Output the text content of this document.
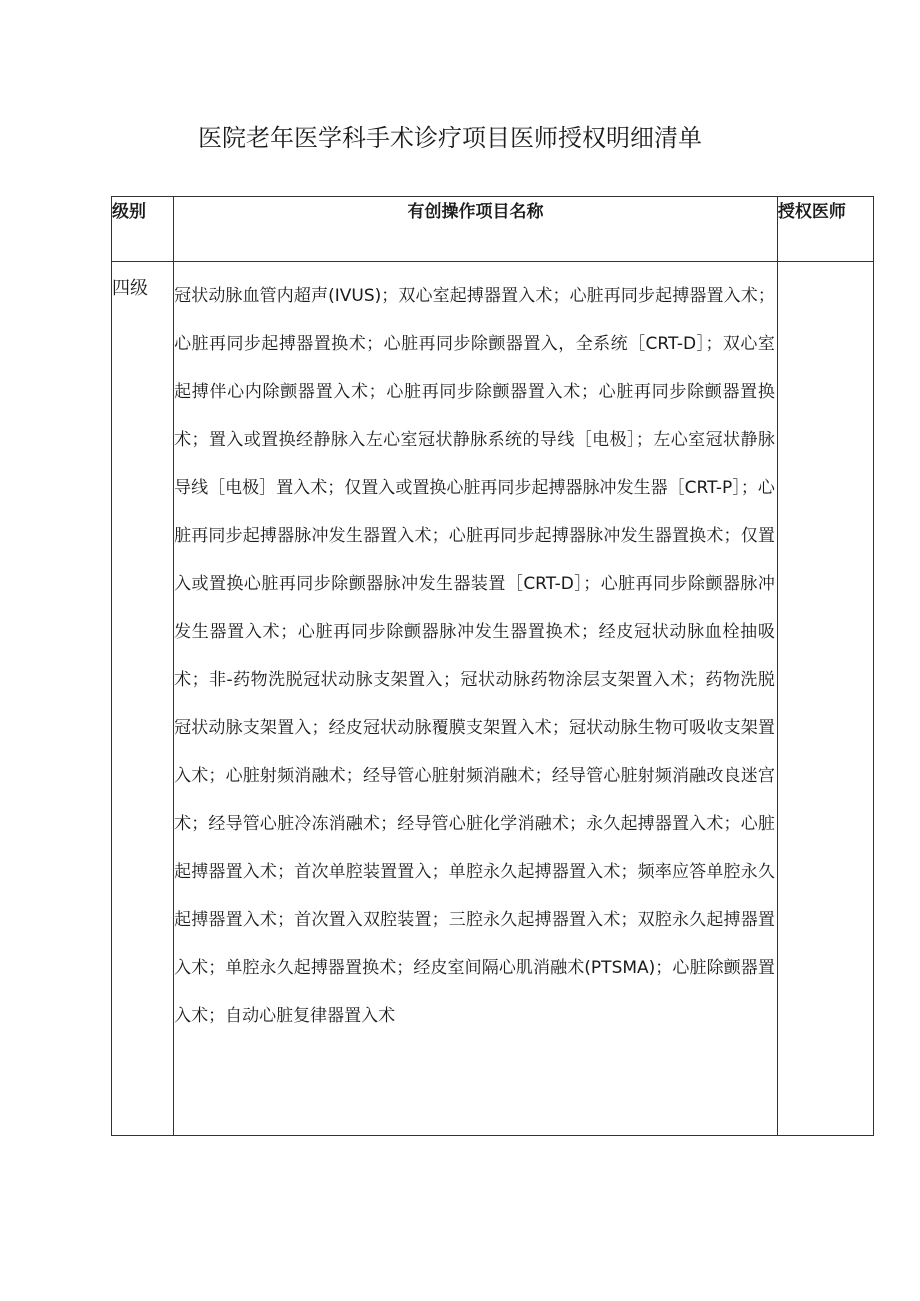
医院老年医学科手术诊疗项目医师授权明细清单
级别	有创操作项目名称	授权医师
四级	冠状动脉血管内超声(IVUS)；双心室起搏器置入术；心脏再同步起搏器置入术；心脏再同步起搏器置换术；心脏再同步除颤器置入，全系统［CRT-D］；双心室起搏伴心内除颤器置入术；心脏再同步除颤器置入术；心脏再同步除颤器置换术；置入或置换经静脉入左心室冠状静脉系统的导线［电极］；左心室冠状静脉导线［电极］置入术；仅置入或置换心脏再同步起搏器脉冲发生器［CRT-P］；心脏再同步起搏器脉冲发生器置入术；心脏再同步起搏器脉冲发生器置换术；仅置入或置换心脏再同步除颤器脉冲发生器装置［CRT-D］；心脏再同步除颤器脉冲发生器置入术；心脏再同步除颤器脉冲发生器置换术；经皮冠状动脉血栓抽吸术；非-药物洗脱冠状动脉支架置入；冠状动脉药物涂层支架置入术；药物洗脱冠状动脉支架置入；经皮冠状动脉覆膜支架置入术；冠状动脉生物可吸收支架置入术；心脏射频消融术；经导管心脏射频消融术；经导管心脏射频消融改良迷宫术；经导管心脏冷冻消融术；经导管心脏化学消融术；永久起搏器置入术；心脏起搏器置入术；首次单腔装置置入；单腔永久起搏器置入术；频率应答单腔永久起搏器置入术；首次置入双腔装置；三腔永久起搏器置入术；双腔永久起搏器置入术；单腔永久起搏器置换术；经皮室间隔心肌消融术(PTSMA)；心脏除颤器置入术；自动心脏复律器置入术	
